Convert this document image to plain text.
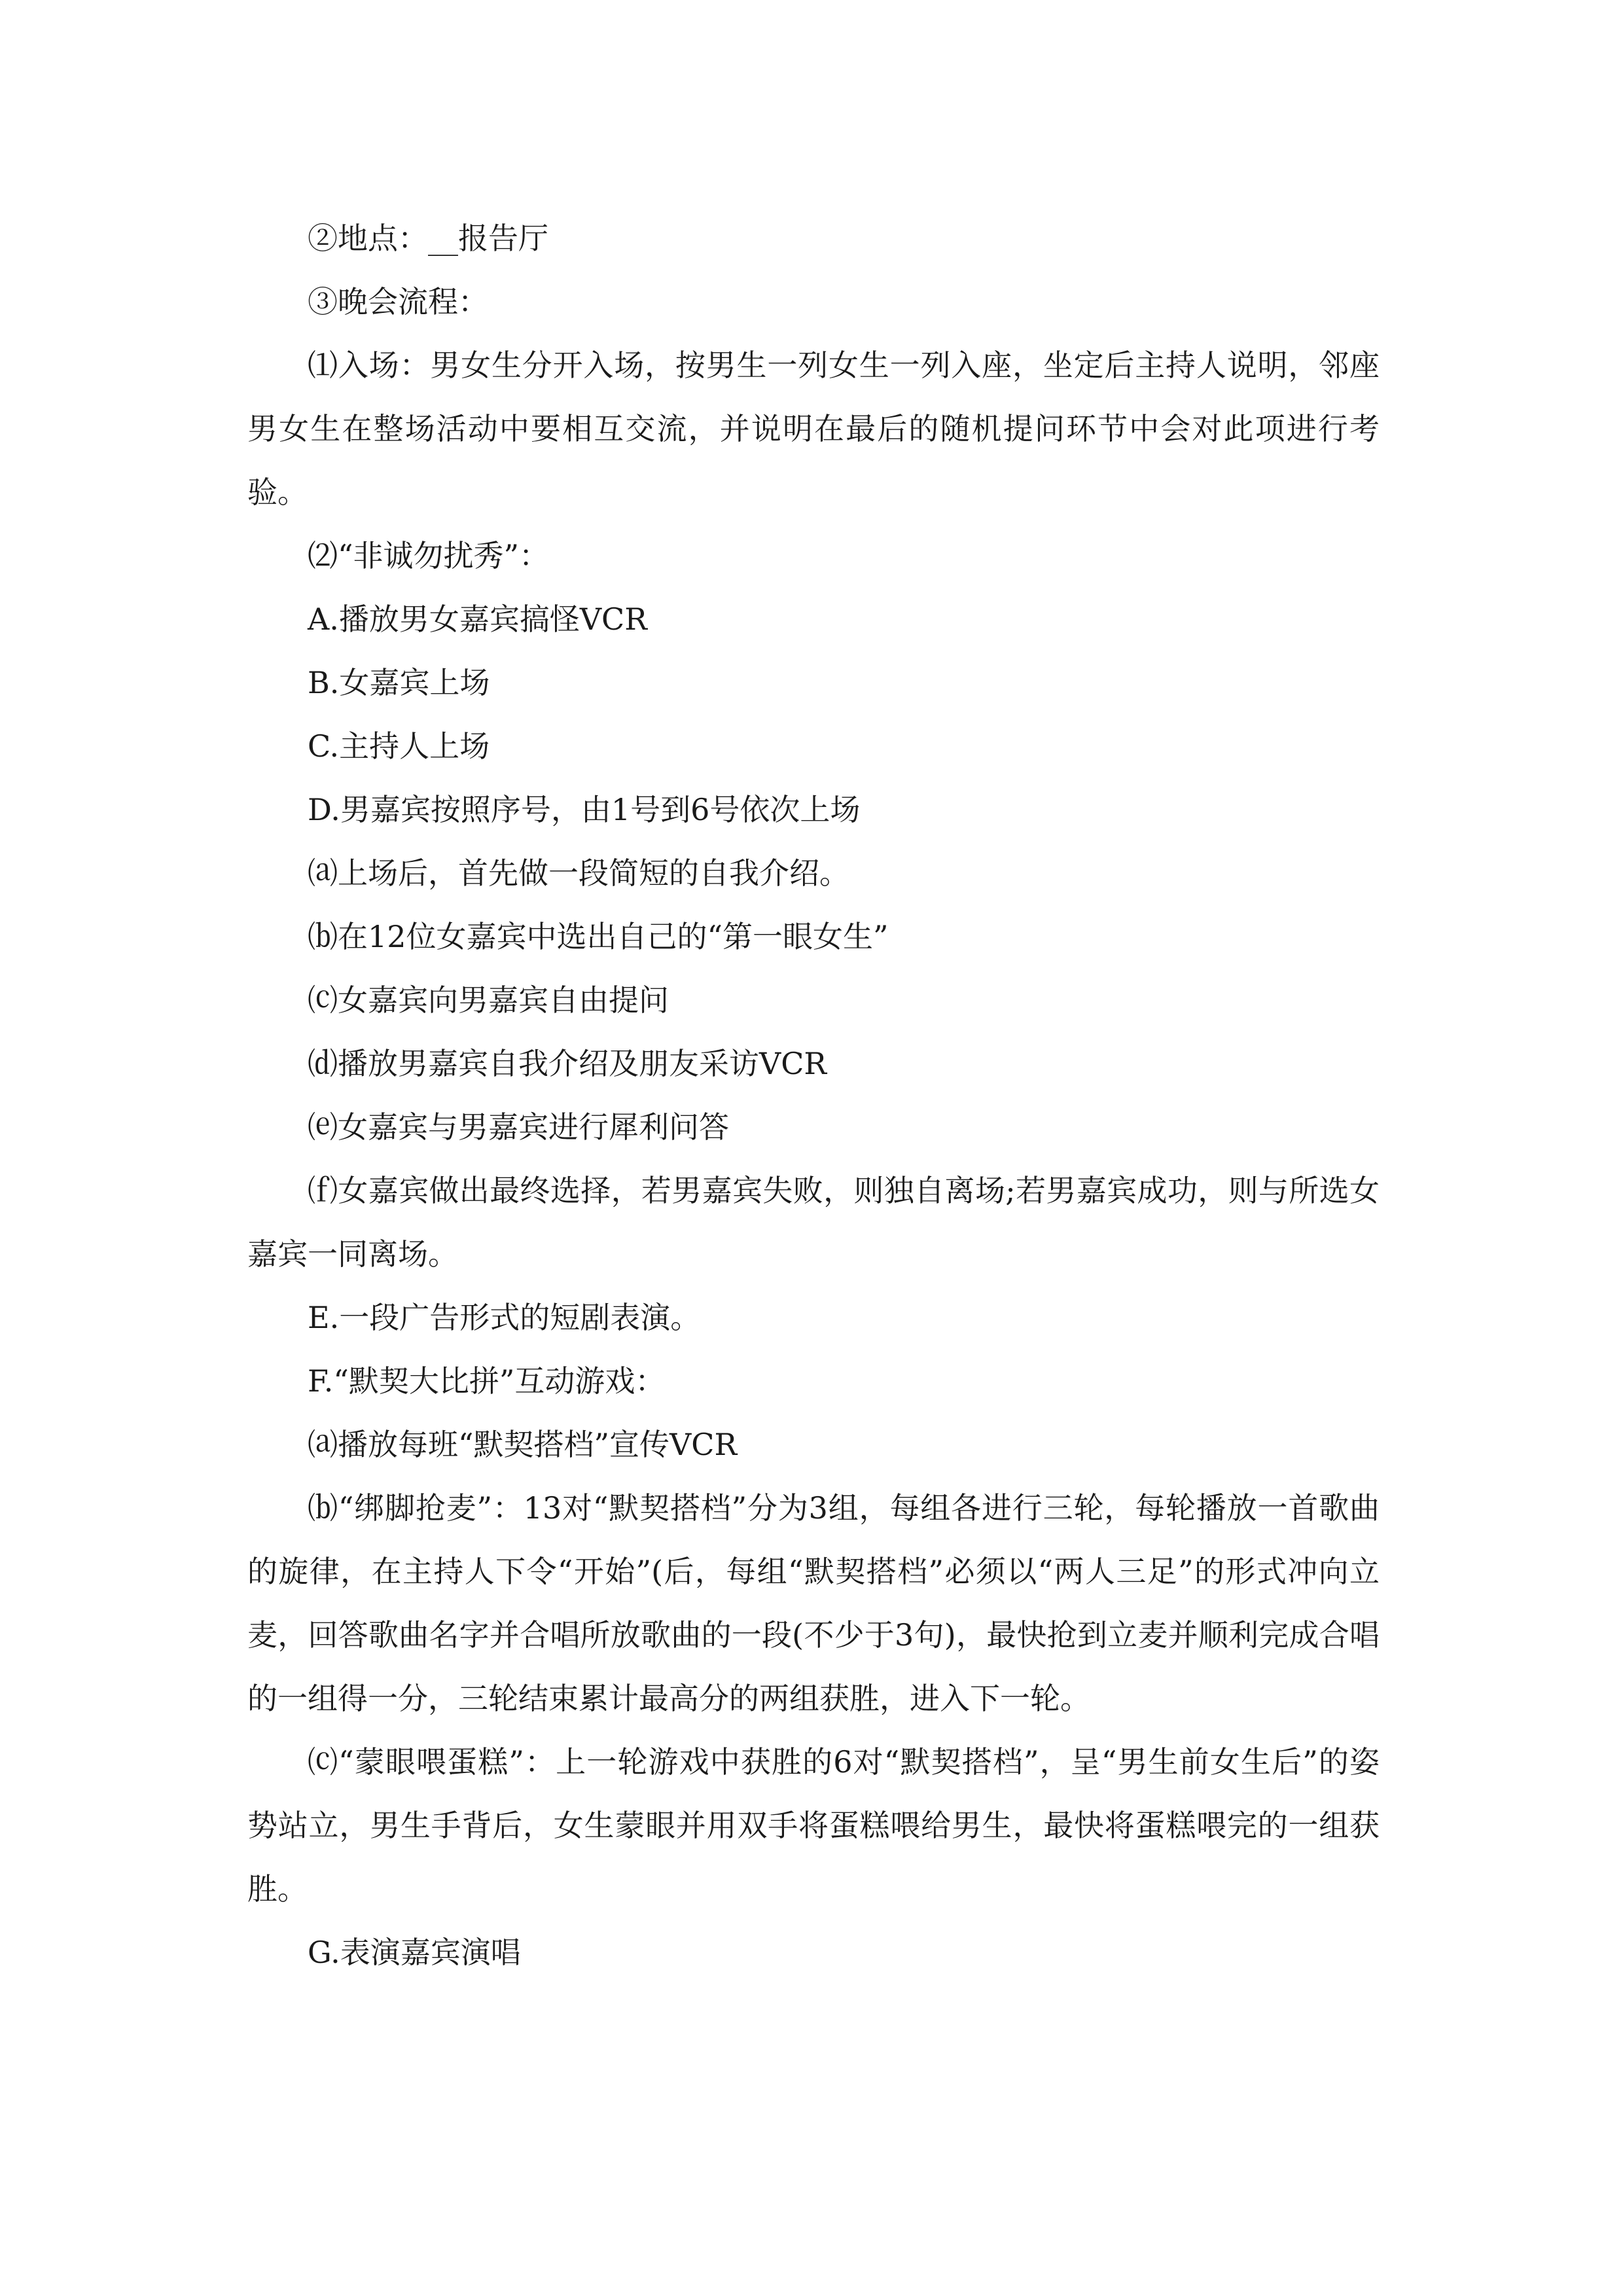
②地点：__报告厅

③晚会流程：

⑴入场：男女生分开入场，按男生一列女生一列入座，坐定后主持人说明，邻座男女生在整场活动中要相互交流，并说明在最后的随机提问环节中会对此项进行考验。

⑵“非诚勿扰秀”：

A.播放男女嘉宾搞怪VCR

B.女嘉宾上场

C.主持人上场

D.男嘉宾按照序号，由1号到6号依次上场

⒜上场后，首先做一段简短的自我介绍。

⒝在12位女嘉宾中选出自己的“第一眼女生”

⒞女嘉宾向男嘉宾自由提问

⒟播放男嘉宾自我介绍及朋友采访VCR

⒠女嘉宾与男嘉宾进行犀利问答

⒡女嘉宾做出最终选择，若男嘉宾失败，则独自离场;若男嘉宾成功，则与所选女嘉宾一同离场。

E.一段广告形式的短剧表演。

F.“默契大比拼”互动游戏：

⒜播放每班“默契搭档”宣传VCR

⒝“绑脚抢麦”：13对“默契搭档”分为3组，每组各进行三轮，每轮播放一首歌曲的旋律，在主持人下令“开始”(后，每组“默契搭档”必须以“两人三足”的形式冲向立麦，回答歌曲名字并合唱所放歌曲的一段(不少于3句)，最快抢到立麦并顺利完成合唱的一组得一分，三轮结束累计最高分的两组获胜，进入下一轮。

⒞“蒙眼喂蛋糕”：上一轮游戏中获胜的6对“默契搭档”，呈“男生前女生后”的姿势站立，男生手背后，女生蒙眼并用双手将蛋糕喂给男生，最快将蛋糕喂完的一组获胜。

G.表演嘉宾演唱
